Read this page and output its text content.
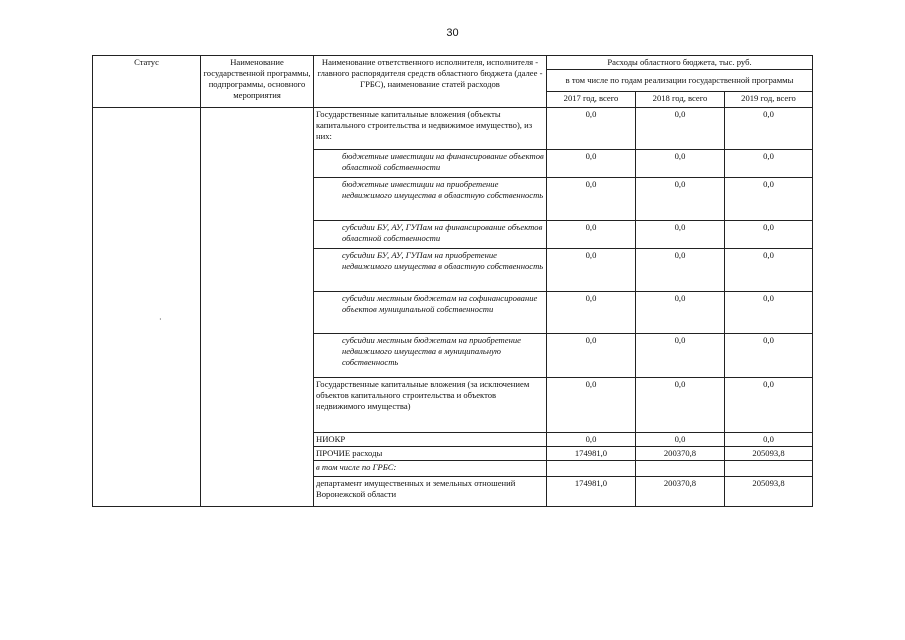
30
Статус	Наименование государственной программы, подпрограммы, основного мероприятия	Наименование ответственного исполнителя, исполнителя - главного распорядителя средств областного бюджета (далее - ГРБС), наименование статей расходов	Расходы областного бюджета, тыс. руб.		
			в том числе по годам реализации государственной программы		
			2017 год, всего	2018 год, всего	2019 год, всего
		Государственные капитальные вложения (объекты капитального строительства и недвижимое имущество), из них:	0,0	0,0	0,0
		бюджетные инвестиции на финансирование объектов областной собственности	0,0	0,0	0,0
		бюджетные инвестиции на приобретение недвижимого имущества в областную собственность	0,0	0,0	0,0
		субсидии БУ, АУ, ГУПам на финансирование объектов областной собственности	0,0	0,0	0,0
		субсидии БУ, АУ, ГУПам на приобретение недвижимого имущества в областную собственность	0,0	0,0	0,0
		субсидии местным бюджетам на софинансирование объектов муниципальной собственности	0,0	0,0	0,0
		субсидии местным бюджетам на приобретение недвижимого имущества в муниципальную собственность	0,0	0,0	0,0
		Государственные капитальные вложения (за исключением объектов капитального строительства и объектов недвижимого имущества)	0,0	0,0	0,0
		НИОКР	0,0	0,0	0,0
		ПРОЧИЕ расходы	174981,0	200370,8	205093,8
		в том числе по ГРБС:			
		департамент имущественных и земельных отношений Воронежской области	174981,0	200370,8	205093,8
·
